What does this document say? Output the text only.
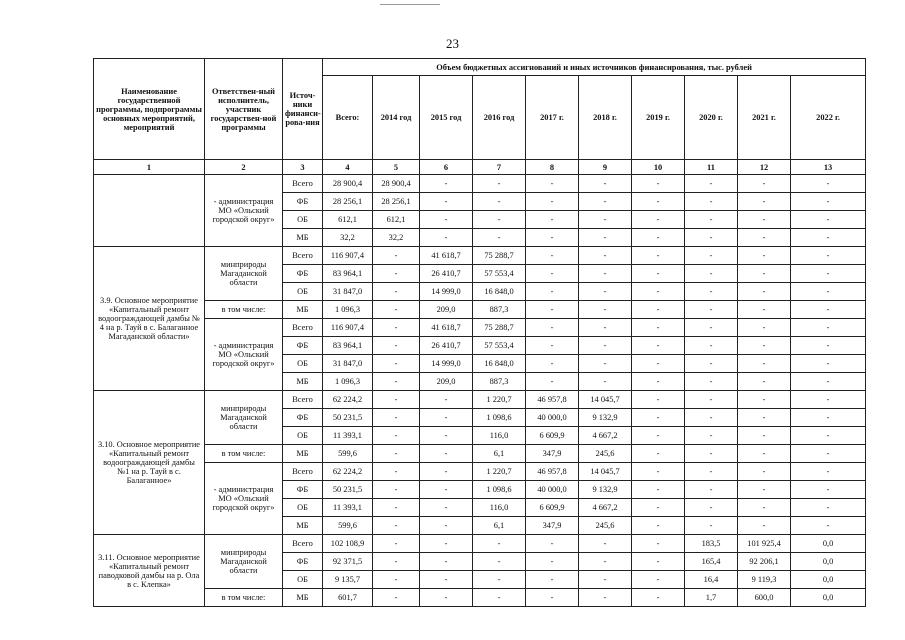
23
Наименование государственной программы, подпрограммы основных мероприятий, мероприятий	Ответствен-ный исполнитель, участник государствен-ной программы	Источ-ники финанси-рова-ния	Объем бюджетных ассигнований и иных источников финансирования, тыс. рублей									
			Всего:	2014 год	2015 год	2016 год	2017 г.	2018 г.	2019 г.	2020 г.	2021 г.	2022 г.
1	2	3	4	5	6	7	8	9	10	11	12	13
	- администрация МО «Ольский городской округ»	Всего	28 900,4	28 900,4	-	-	-	-	-	-	-	-
		ФБ	28 256,1	28 256,1	-	-	-	-	-	-	-	-
		ОБ	612,1	612,1	-	-	-	-	-	-	-	-
		МБ	32,2	32,2	-	-	-	-	-	-	-	-
3.9. Основное мероприятие «Капитальный ремонт водоограждающей дамбы № 4 на р. Тауй в с. Балаганное Магаданской области»	минприроды Магаданской области	Всего	116 907,4	-	41 618,7	75 288,7	-	-	-	-	-	-
		ФБ	83 964,1	-	26 410,7	57 553,4	-	-	-	-	-	-
		ОБ	31 847,0	-	14 999,0	16 848,0	-	-	-	-	-	-
	в том числе:	МБ	1 096,3	-	209,0	887,3	-	-	-	-	-	-
	- администрация МО «Ольский городской округ»	Всего	116 907,4	-	41 618,7	75 288,7	-	-	-	-	-	-
		ФБ	83 964,1	-	26 410,7	57 553,4	-	-	-	-	-	-
		ОБ	31 847,0	-	14 999,0	16 848,0	-	-	-	-	-	-
		МБ	1 096,3	-	209,0	887,3	-	-	-	-	-	-
3.10. Основное мероприятие «Капитальный ремонт водоограждающей дамбы №1 на р. Тауй в с. Балаганное»	минприроды Магаданской области	Всего	62 224,2	-	-	1 220,7	46 957,8	14 045,7	-	-	-	-
		ФБ	50 231,5	-	-	1 098,6	40 000,0	9 132,9	-	-	-	-
		ОБ	11 393,1	-	-	116,0	6 609,9	4 667,2	-	-	-	-
	в том числе:	МБ	599,6	-	-	6,1	347,9	245,6	-	-	-	-
	- администрация МО «Ольский городской округ»	Всего	62 224,2	-	-	1 220,7	46 957,8	14 045,7	-	-	-	-
		ФБ	50 231,5	-	-	1 098,6	40 000,0	9 132,9	-	-	-	-
		ОБ	11 393,1	-	-	116,0	6 609,9	4 667,2	-	-	-	-
		МБ	599,6	-	-	6,1	347,9	245,6	-	-	-	-
3.11. Основное мероприятие «Капитальный ремонт паводковой дамбы на р. Ола в с. Клепка»	минприроды Магаданской области	Всего	102 108,9	-	-	-	-	-	-	183,5	101 925,4	0,0
		ФБ	92 371,5	-	-	-	-	-	-	165,4	92 206,1	0,0
		ОБ	9 135,7	-	-	-	-	-	-	16,4	9 119,3	0,0
	в том числе:	МБ	601,7	-	-	-	-	-	-	1,7	600,0	0,0
